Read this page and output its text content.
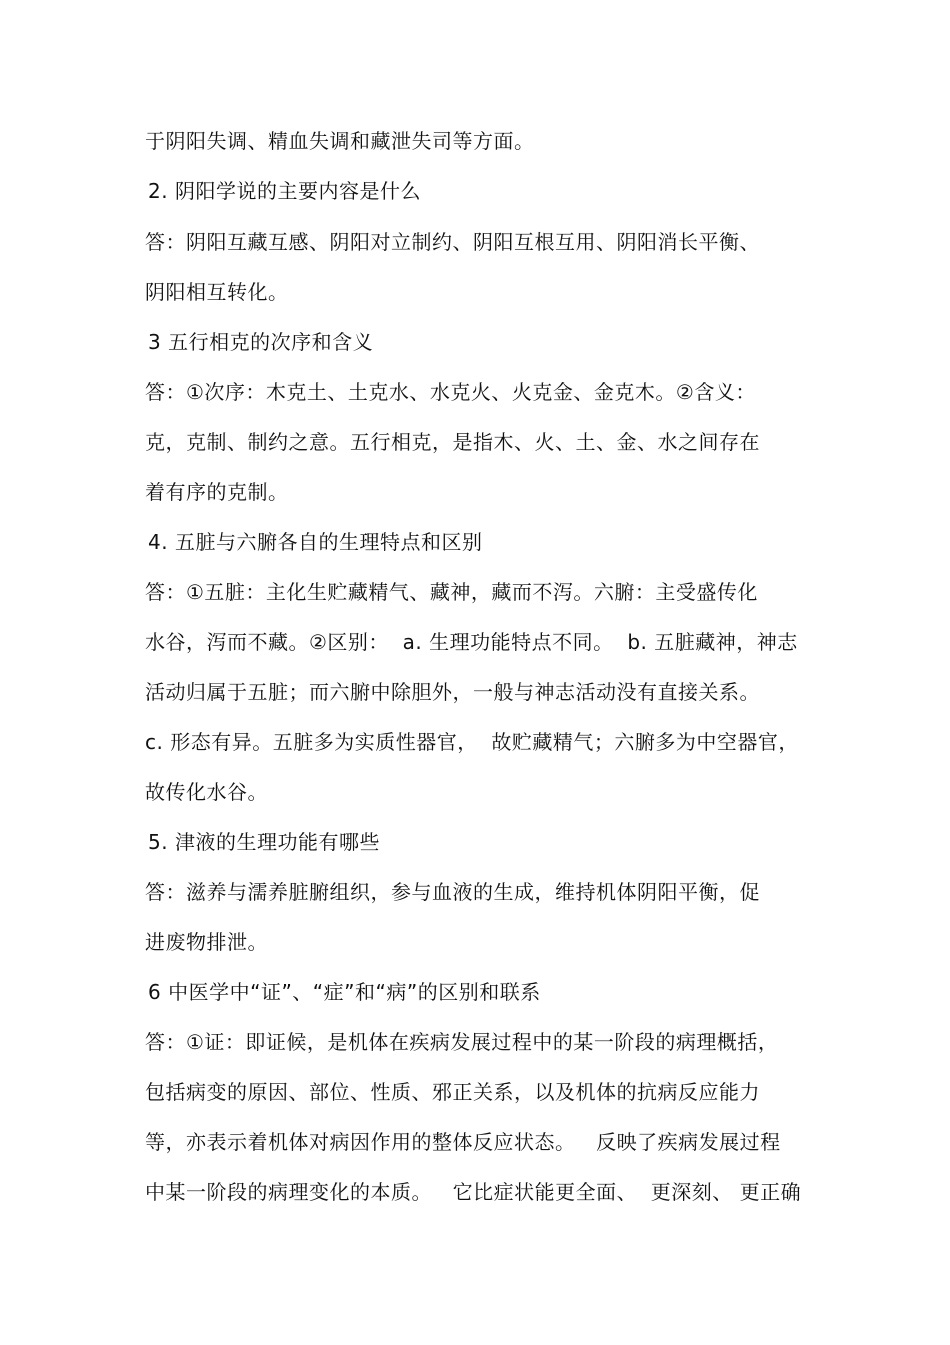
于阴阳失调、精血失调和藏泄失司等方面。
2. 阴阳学说的主要内容是什么
答：阴阳互藏互感、阴阳对立制约、阴阳互根互用、阴阳消长平衡、
阴阳相互转化。
3 五行相克的次序和含义
答：①次序：木克土、土克水、水克火、火克金、金克木。②含义：
克，克制、制约之意。五行相克，是指木、火、土、金、水之间存在
着有序的克制。
4. 五脏与六腑各自的生理特点和区别
答：①五脏：主化生贮藏精气、藏神，藏而不泻。六腑：主受盛传化
水谷，泻而不藏。②区别：  a. 生理功能特点不同。  b. 五脏藏神，神志
活动归属于五脏；而六腑中除胆外，一般与神志活动没有直接关系。
c. 形态有异。五脏多为实质性器官，  故贮藏精气；六腑多为中空器官，
故传化水谷。
5. 津液的生理功能有哪些
答：滋养与濡养脏腑组织，参与血液的生成，维持机体阴阳平衡，促
进废物排泄。
6 中医学中“证”、“症”和“病”的区别和联系
答：①证：即证候，是机体在疾病发展过程中的某一阶段的病理概括，
包括病变的原因、部位、性质、邪正关系，以及机体的抗病反应能力
等，亦表示着机体对病因作用的整体反应状态。   反映了疾病发展过程
中某一阶段的病理变化的本质。   它比症状能更全面、  更深刻、 更正确
